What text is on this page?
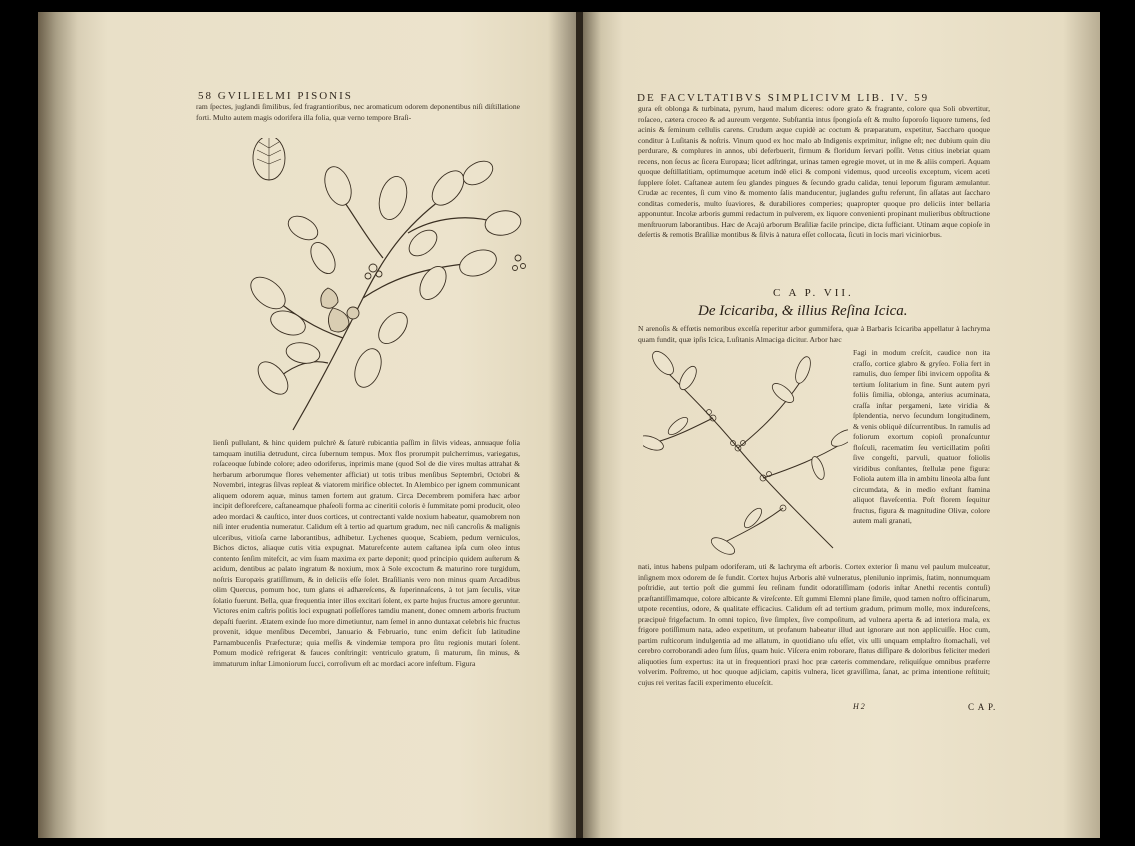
58 GVILIELMI PISONIS
ram ſpectes, juglandi ſimilibus, ſed fragrantioribus, nec aromaticum odorem deponentibus niſi diſtillatione forti. Multo autem magis odorifera illa folia, quæ verno tempore Braſi-
lienſi pullulant, & hinc quidem pulchrè & ſaturè rubicantia paſſim in ſilvis videas, annuaque folia tamquam inutilia detrudunt, circa ſubernum tempus. Mox flos prorumpit pulcherrimus, variegatus, roſaceoque ſubinde colore; adeo odoriferus, inprimis mane (quod Sol de die vires multas attrahat & herbarum arborumque flores vehementer afficiat) ut totis tribus menſibus Septembri, Octobri & Novembri, integras ſilvas repleat & viatorem mirifice oblectet. In Alembico per ignem communicant aliquem odorem aquæ, minus tamen fortem aut gratum. Circa Decembrem pomifera hæc arbor incipit deflorefcere, caſtaneamque phaſeoli forma ac cineritii coloris è ſummitate pomi producit, oleo adeo mordaci & cauſtico, inter duos cortices, ut contrectanti valde noxium habeatur, quamobrem non niſi inter erudentia numeratur. Calidum eſt à tertio ad quartum gradum, nec niſi cancroſis & malignis ulceribus, vitioſa carne laborantibus, adhibetur. Lychenes quoque, Scabiem, pedum verniculos, Bichos dictos, aliaque cutis vitia expugnat. Maturefcente autem caſtanea ipſa cum oleo intus contento ſenſim mitefcit, ac vim ſuam maxima ex parte deponit; quod principio quidem auſterum & acidum, dentibus ac palato ingratum & noxium, mox à Sole excoctum & maturino rore turgidum, noſtris Europæis gratiſſimum, & in deliciis eſſe ſolet. Braſilianis vero non minus quam Arcadibus olim Quercus, pomum hoc, tum glans ei adhæreſcens, & ſuperinnaſcens, à tot jam ſeculis, vitæ ſolatio fuerunt. Bella, quæ frequentia inter illos excitari ſolent, ex parte hujus fructus amore geruntur. Victores enim caſtris poſitis loci expugnati poſſeſſores tamdiu manent, donec omnem arboris fructum depaſti fuerint. Ætatem exinde ſuo more dimetiuntur, nam ſemel in anno duntaxat celebris hic fructus provenit, idque menſibus Decembri, Januario & Februario, tunc enim deficit ſub latitudine Parnambucenſis Præfecturæ; quia meſſis & vindemiæ tempora pro ſitu regionis mutari ſolent. Pomum modicè refrigerat & fauces conſtringit: ventriculo gratum, ſi maturum, ſin minus, & immaturum inſtar Limoniorum ſucci, corroſivum eſt ac mordaci acore infeſtum. Figura
DE FACVLTATIBVS SIMPLICIVM LIB. IV. 59
gura eſt oblonga & turbinata, pyrum, haud malum diceres: odore grato & fragrante, colore qua Soli obvertitur, roſaceo, cætera croceo & ad aureum vergente. Subſtantia intus ſpongioſa eſt & multo ſuporoſo liquore tumens, ſed acinis & ſeminum cellulis carens. Crudum æque cupidè ac coctum & præparatum, expetitur, Saccharo quoque conditur à Luſitanis & noſtris. Vinum quod ex hoc malo ab Indigenis exprimitur, inſigne eſt; nec dubium quin diu perdurare, & complures in annos, ubi deferbuerit, firmum & floridum ſervari poſſit. Vetus citius inebriat quam recens, non ſecus ac ſicera Europæa; licet adſtringat, urinas tamen egregie movet, ut in me & aliis comperi. Aquam quoque deſtillatitiam, optimumque acetum indè elici & componi videmus, quod urceolis exceptum, vicem aceti ſupplere ſolet. Caſtaneæ autem ſeu glandes pingues & ſecundo gradu calidæ, tenui leporum figuram æmulantur. Crudæ ac recentes, ſi cum vino & momento ſalis manducentur, juglandes guſtu referunt, ſin aſſatas aut ſaccharo conditas comederis, multo ſuaviores, & durabiliores comperies; quapropter quoque pro deliciis inter bellaria apponuntur. Incolæ arboris gummi redactum in pulverem, ex liquore convenienti propinant mulieribus obſtructione menſtruorum laborantibus. Hæc de Acajú arborum Braſiliæ facile principe, dicta ſufficiant. Utinam æque copioſe in deſertis & remotis Braſiliæ montibus & ſilvis à natura eſſet collocata, ſicuti in locis mari viciniorbus.
C A P. VII.
De Icicariba, & illius Reſina Icica.
N arenoſis & effœtis nemoribus excelſa reperitur arbor gummifera, quæ à Barbaris Icicariba appellatur à lachryma quam fundit, quæ ipſis Icica, Luſitanis Almaciga dicitur. Arbor hæc
Fagi in modum creſcit, caudice non ita craſſo, cortice glabro & gryſeo. Folia fert in ramulis, duo ſemper ſibi invicem oppoſita & tertium ſolitarium in fine. Sunt autem pyri foliis ſimilia, oblonga, anterius acuminata, craſſa inſtar pergameni, læte viridia & ſplendentia, nervo ſecundum longitudinem, & venis obliquè diſcurrentibus. In ramulis ad foliorum exortum copioſi pronaſcuntur floſculi, racematim ſeu verticillatim poſiti ſive congeſti, parvuli, quatuor foliolis viridibus conſtantes, ſtellulæ pene figura: Foliola autem illa in ambitu lineola alba ſunt circumdata, & in medio exſtant ſtamina aliquot flaveſcentia. Poſt florem ſequitur fructus, figura & magnitudine Olivæ, colore autem mali granati,
nati, intus habens pulpam odoriferam, uti & lachryma eſt arboris. Cortex exterior ſi manu vel paulum mulceatur, inſignem mox odorem de ſe fundit. Cortex hujus Arboris altè vulneratus, plenilunio inprimis, ſtatim, nonnumquam poſtridie, aut tertio poſt die gummi ſeu reſinam fundit odoratiſſimam (odoris inſtar Anethi recentis contuſi) præſtantiſſimamque, colore albicante & vireſcente. Eſt gummi Elemni plane ſimile, quod tamen noſtro officinarum, utpote recentius, odore, & qualitate efficacius. Calidum eſt ad tertium gradum, primum molle, mox indureſcens, præcipuè frigefactum. In omni topico, ſive ſimplex, ſive compoſitum, ad vulnera aperta & ad interiora mala, ex frigore potiſſimum nata, adeo expetitum, ut profanum habeatur illud aut ignorare aut non applicuiſſe. Hoc cum, partim ruſticorum indulgentia ad me allatum, in quotidiano uſu eſſet, vix ulli unquam emplaſtro ſtomachali, vel cerebro corroborandi adeo ſum ſiſus, quam huic. Viſcera enim roborare, flatus diſſipare & doloribus feliciter mederi aliquoties ſum expertus: ita ut in frequentiori praxi hoc præ cæteris commendare, reliquiſque omnibus præferre volverim. Poſtremo, ut hoc quoque adjiciam, capitis vulnera, licet graviſſima, ſanat, ac prima intentione reſtituit; cujus rei veritas facili experimento eluceſcit.
H 2	C A P.
